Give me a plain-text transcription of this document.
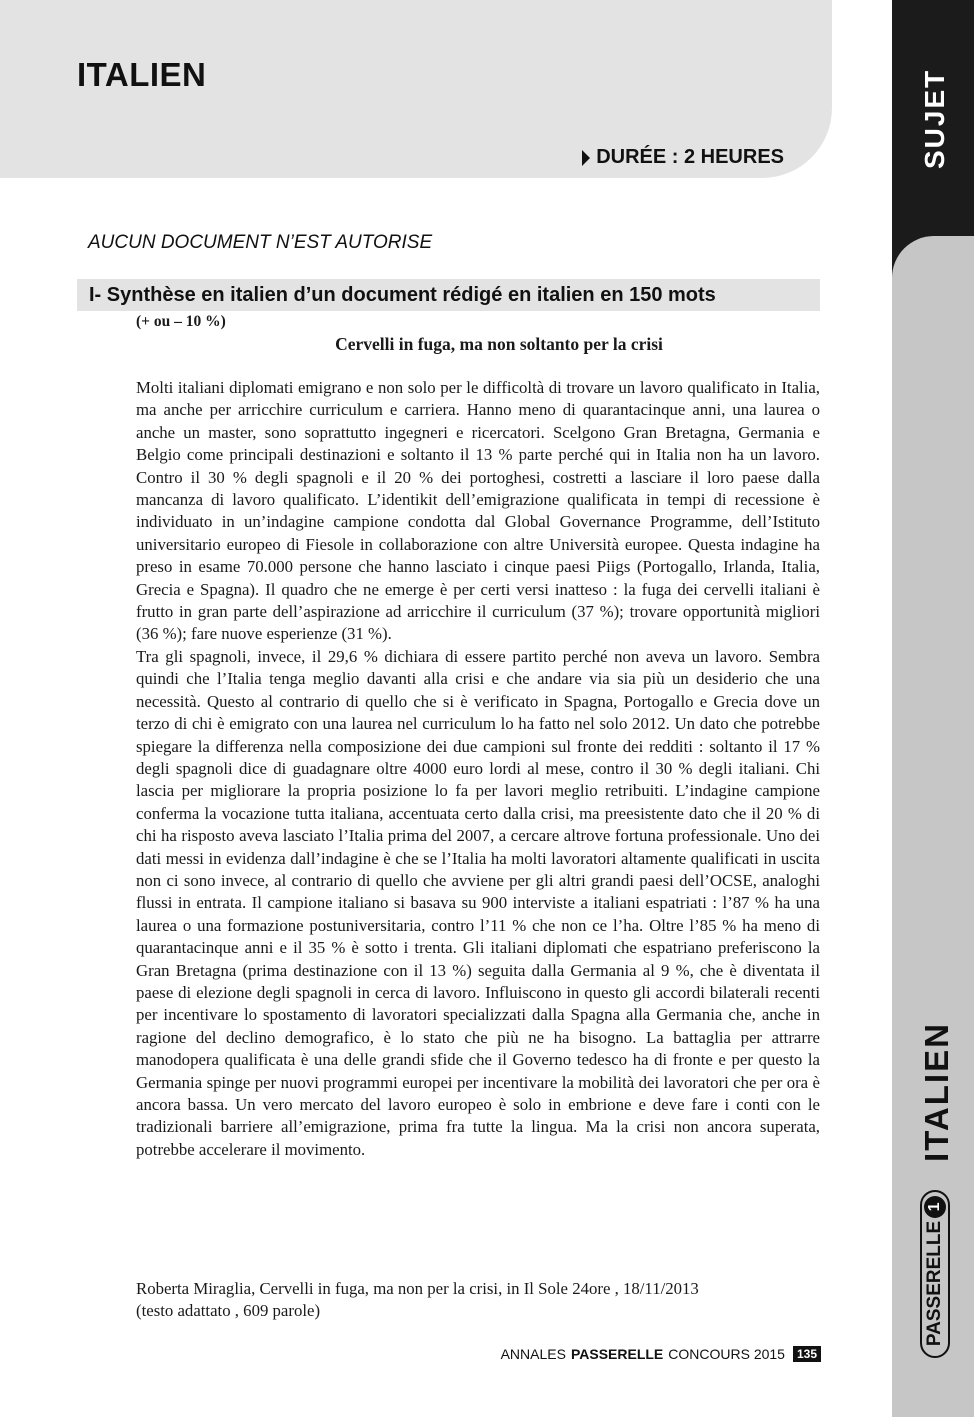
ITALIEN
DURÉE : 2 HEURES	SUJET
ITALIEN
PASSERELLE
1

AUCUN DOCUMENT N’EST AUTORISE

I- Synthèse en italien d’un document rédigé en italien en 150 mots
(+ ou – 10 %)
Cervelli in fuga, ma non soltanto per la crisi

Molti italiani diplomati emigrano e non solo per le difficoltà di trovare un lavoro qualificato in Italia, ma anche per arricchire curriculum e carriera. Hanno meno di quarantacinque anni, una laurea o anche un master, sono soprattutto ingegneri e ricercatori. Scelgono Gran Bretagna, Germania e Belgio come principali destinazioni e soltanto il 13 % parte perché qui in Italia non ha un lavoro. Contro il 30 % degli spagnoli e il 20 % dei portoghesi, costretti a lasciare il loro paese dalla mancanza di lavoro qualificato. L’identikit dell’emigrazione qualificata in tempi di recessione è individuato in un’indagine campione condotta dal Global Governance Programme, dell’Istituto universitario europeo di Fiesole in collaborazione con altre Università europee. Questa indagine ha preso in esame 70.000 persone che hanno lasciato i cinque paesi Piigs (Portogallo, Irlanda, Italia, Grecia e Spagna). Il quadro che ne emerge è per certi versi inatteso : la fuga dei cervelli italiani è frutto in gran parte dell’aspirazione ad arricchire il curriculum (37 %); trovare opportunità migliori (36 %); fare nuove esperienze (31 %).

Tra gli spagnoli, invece, il 29,6 % dichiara di essere partito perché non aveva un lavoro. Sembra quindi che l’Italia tenga meglio davanti alla crisi e che andare via sia più un desiderio che una necessità. Questo al contrario di quello che si è verificato in Spagna, Portogallo e Grecia dove un terzo di chi è emigrato con una laurea nel curriculum lo ha fatto nel solo 2012. Un dato che potrebbe spiegare la differenza nella composizione dei due campioni sul fronte dei redditi : soltanto il 17 % degli spagnoli dice di guadagnare oltre 4000 euro lordi al mese, contro il 30 % degli italiani. Chi lascia per migliorare la propria posizione lo fa per lavori meglio retribuiti. L’indagine campione conferma la vocazione tutta italiana, accentuata certo dalla crisi, ma preesistente dato che il 20 % di chi ha risposto aveva lasciato l’Italia prima del 2007, a cercare altrove fortuna professionale. Uno dei dati messi in evidenza dall’indagine è che se l’Italia ha molti lavoratori altamente qualificati in uscita non ci sono invece, al contrario di quello che avviene per gli altri grandi paesi dell’OCSE, analoghi flussi in entrata. Il campione italiano si basava su 900 interviste a italiani espatriati : l’87 % ha una laurea o una formazione postuniversitaria, contro l’11 % che non ce l’ha. Oltre l’85 % ha meno di quarantacinque anni e il 35 % è sotto i trenta. Gli italiani diplomati che espatriano preferiscono la Gran Bretagna (prima destinazione con il 13 %) seguita dalla Germania al 9 %, che è diventata il paese di elezione degli spagnoli in cerca di lavoro. Influiscono in questo gli accordi bilaterali recenti per incentivare lo spostamento di lavoratori specializzati dalla Spagna alla Germania che, anche in ragione del declino demografico, è lo stato che più ne ha bisogno. La battaglia per attrarre manodopera qualificata è una delle grandi sfide che il Governo tedesco ha di fronte e per questo la Germania spinge per nuovi programmi europei per incentivare la mobilità dei lavoratori che per ora è ancora bassa. Un vero mercato del lavoro europeo è solo in embrione e deve fare i conti con le tradizionali barriere all’emigrazione, prima fra tutte la lingua. Ma la crisi non ancora superata, potrebbe accelerare il movimento.

Roberta Miraglia, Cervelli in fuga, ma non per la crisi, in Il Sole 24ore , 18/11/2013

(testo adattato , 609 parole)

ANNALES PASSERELLE CONCOURS 2015	135
